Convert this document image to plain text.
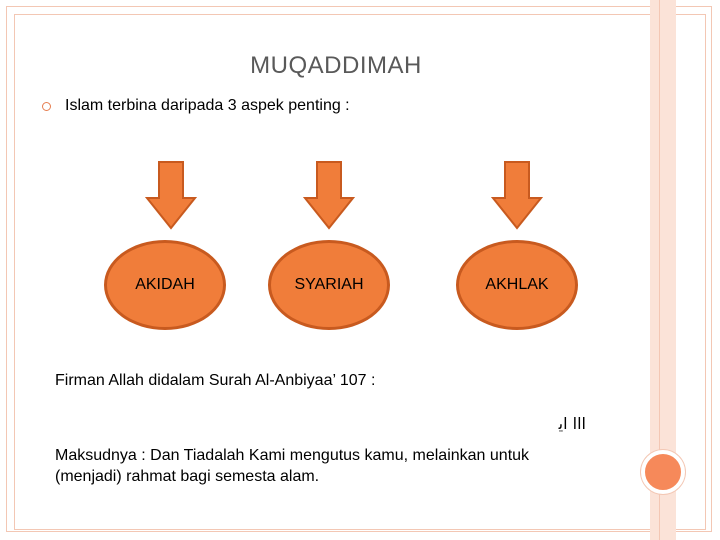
MUQADDIMAH
Islam terbina daripada 3 aspek penting :
AKIDAH	SYARIAH	AKHLAK
Firman Allah didalam Surah Al-Anbiyaa’ 107 :
ﺍﺍﺍ ﺍﻳ
Maksudnya : Dan Tiadalah Kami mengutus kamu, melainkan untuk (menjadi) rahmat bagi semesta alam.
